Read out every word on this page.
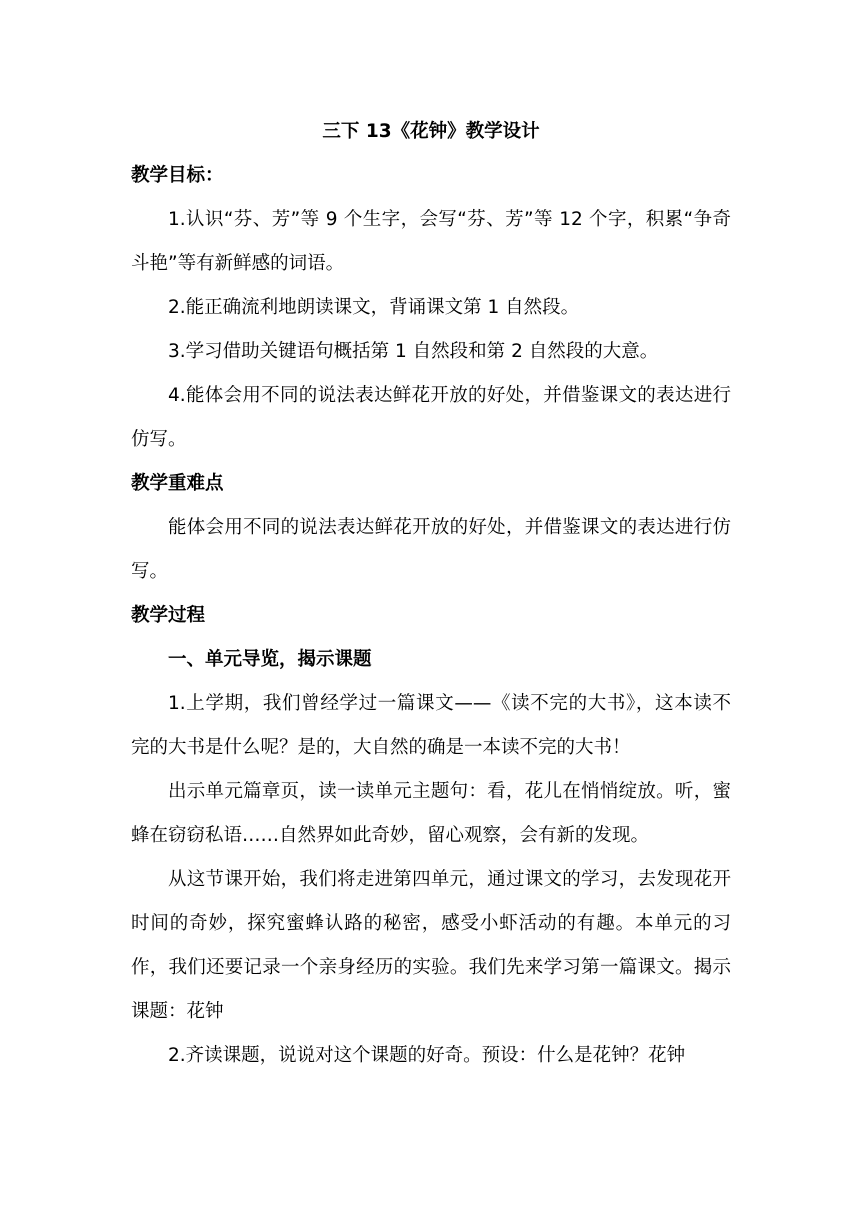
三下 13《花钟》教学设计

教学目标：

1.认识“芬、芳”等 9 个生字，会写“芬、芳”等 12 个字，积累“争奇斗艳”等有新鲜感的词语。

2.能正确流利地朗读课文，背诵课文第 1 自然段。

3.学习借助关键语句概括第 1 自然段和第 2 自然段的大意。

4.能体会用不同的说法表达鲜花开放的好处，并借鉴课文的表达进行仿写。

教学重难点

能体会用不同的说法表达鲜花开放的好处，并借鉴课文的表达进行仿写。

教学过程

一、单元导览，揭示课题

1.上学期，我们曾经学过一篇课文——《读不完的大书》，这本读不完的大书是什么呢？是的，大自然的确是一本读不完的大书！

出示单元篇章页，读一读单元主题句：看，花儿在悄悄绽放。听，蜜蜂在窃窃私语……自然界如此奇妙，留心观察，会有新的发现。

从这节课开始，我们将走进第四单元，通过课文的学习，去发现花开时间的奇妙，探究蜜蜂认路的秘密，感受小虾活动的有趣。本单元的习作，我们还要记录一个亲身经历的实验。我们先来学习第一篇课文。揭示课题：花钟

2.齐读课题，说说对这个课题的好奇。预设：什么是花钟？花钟
